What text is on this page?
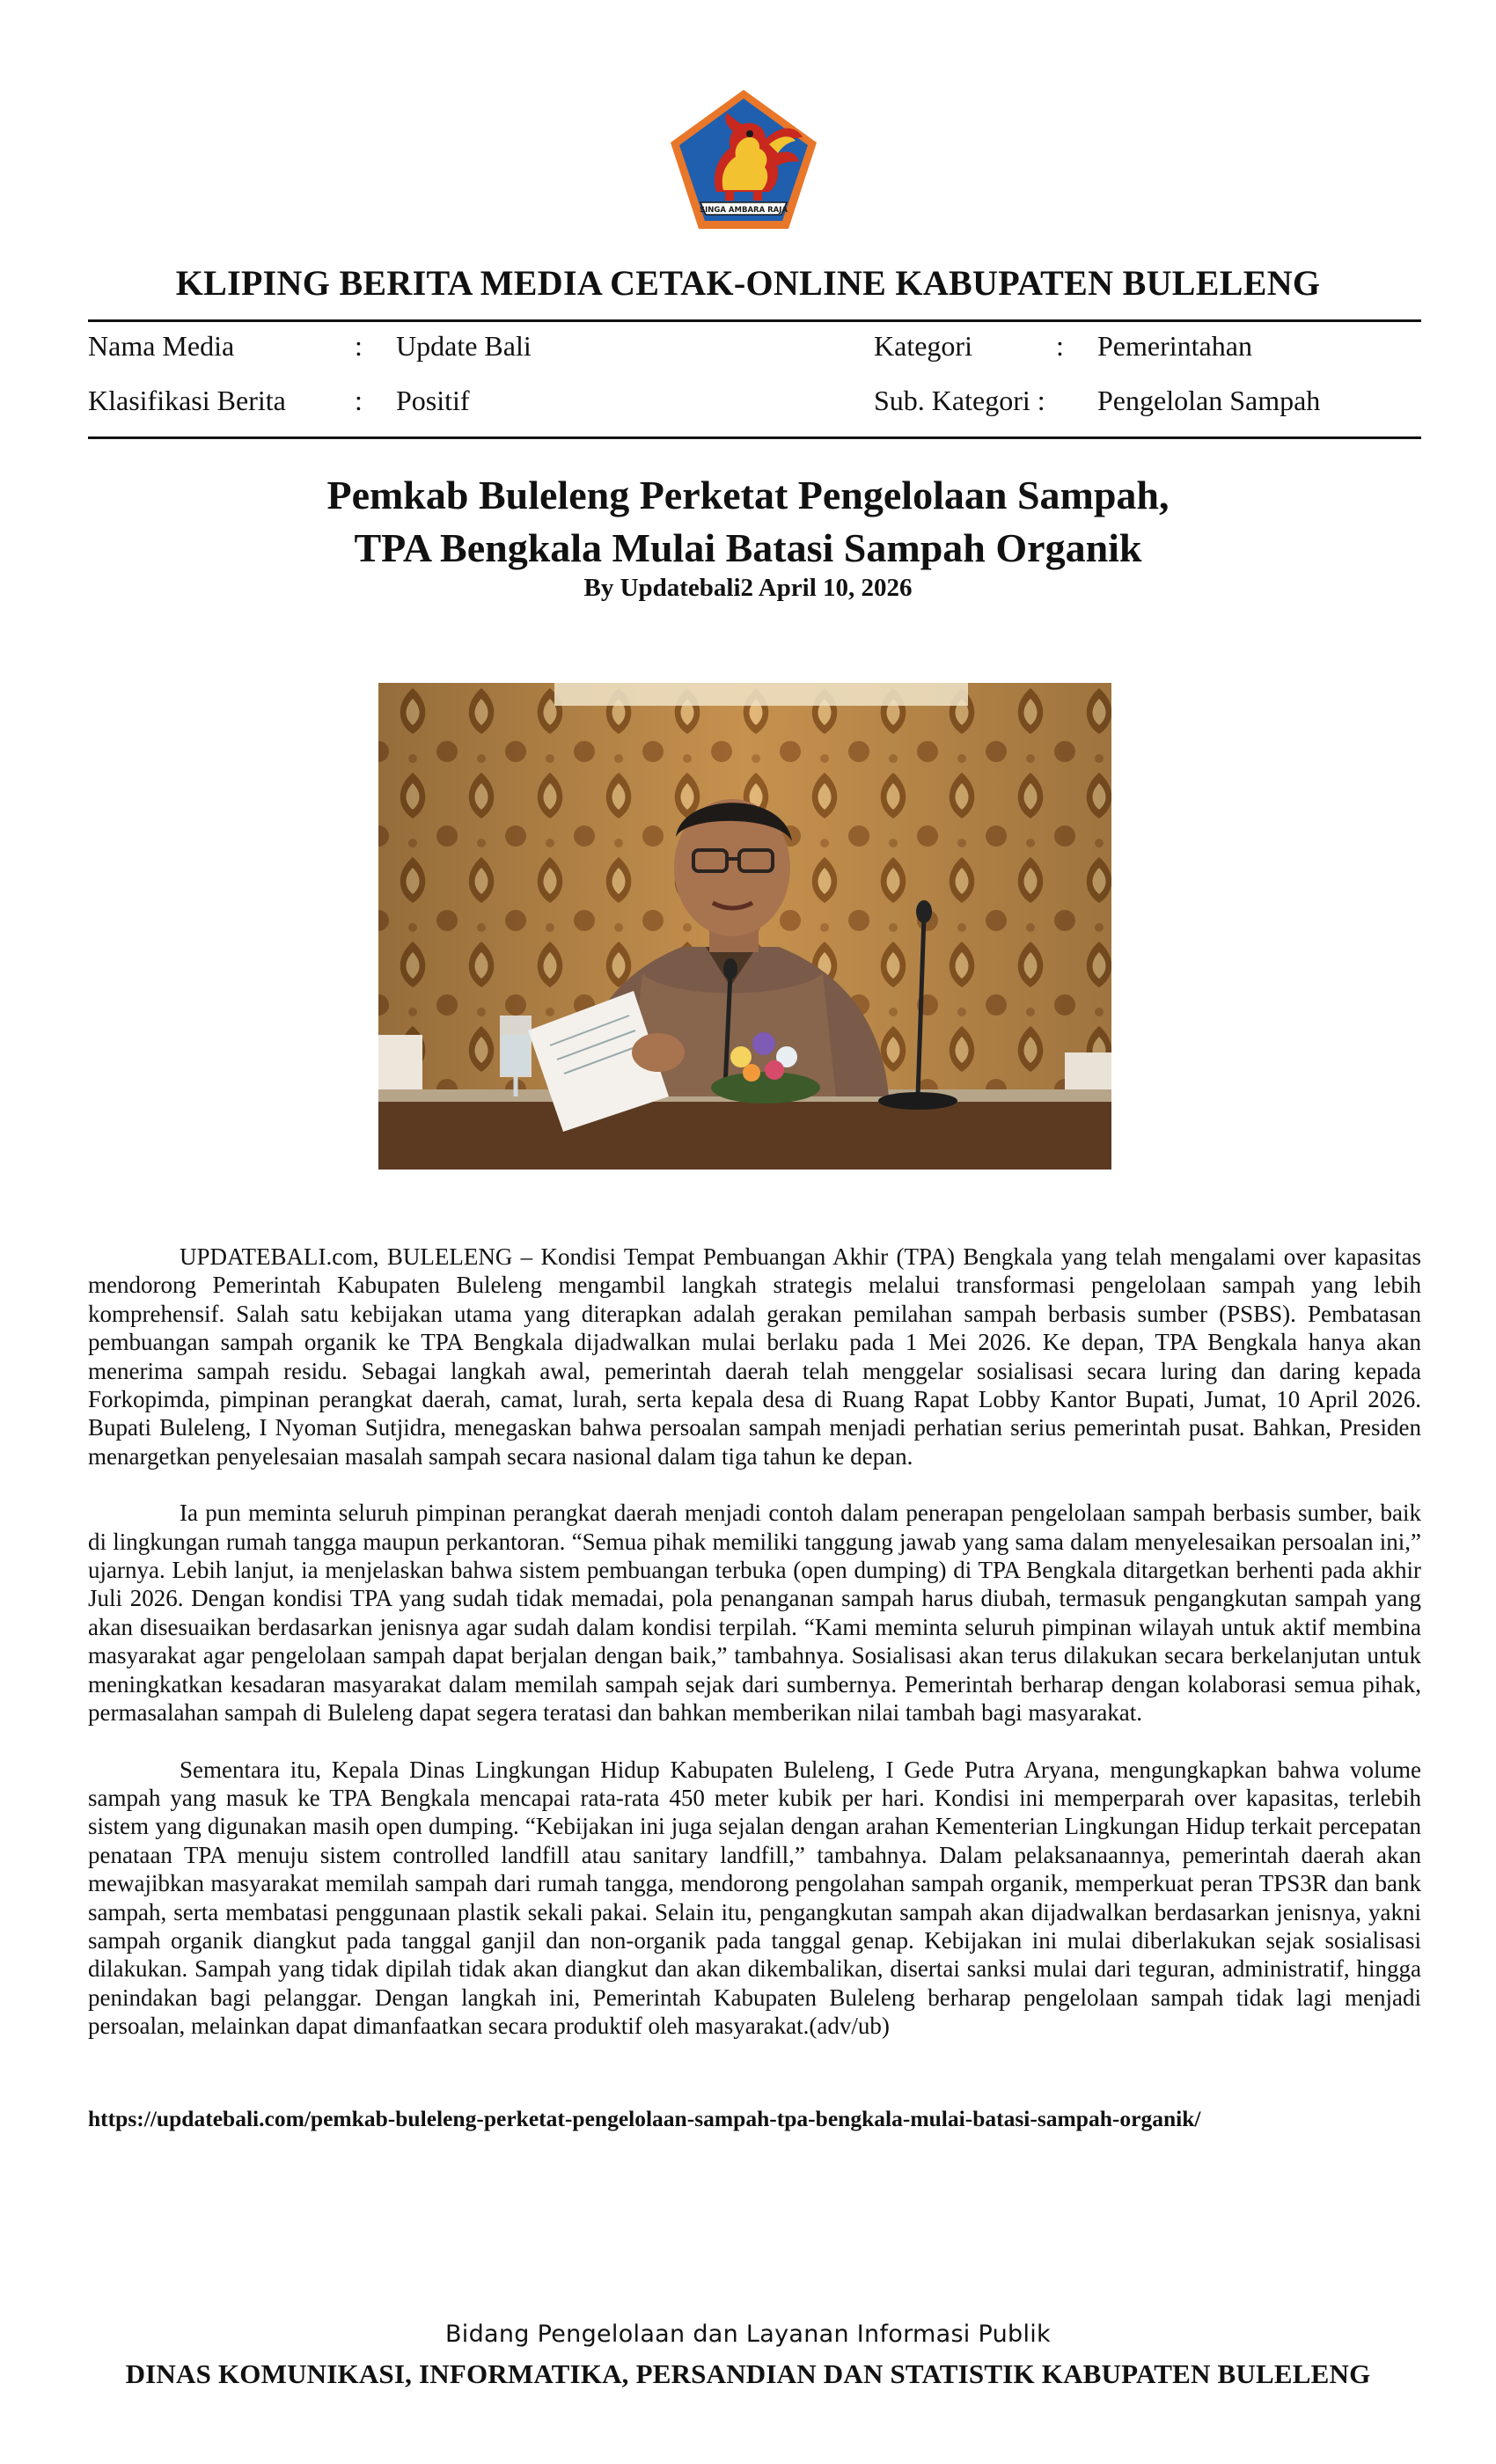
SINGA AMBARA RAJA
KLIPING BERITA MEDIA CETAK-ONLINE KABUPATEN BULELENG
Nama Media	: Update Bali	Kategori	: Pemerintahan
Klasifikasi Berita : Positif	Sub. Kategori : Pengelolan Sampah
Pemkab Buleleng Perketat Pengelolaan Sampah,
TPA Bengkala Mulai Batasi Sampah Organik
By Updatebali2 April 10, 2026

UPDATEBALI.com, BULELENG – Kondisi Tempat Pembuangan Akhir (TPA) Bengkala yang telah mengalami over kapasitas mendorong Pemerintah Kabupaten Buleleng mengambil langkah strategis melalui transformasi pengelolaan sampah yang lebih komprehensif. Salah satu kebijakan utama yang diterapkan adalah gerakan pemilahan sampah berbasis sumber (PSBS). Pembatasan pembuangan sampah organik ke TPA Bengkala dijadwalkan mulai berlaku pada 1 Mei 2026. Ke depan, TPA Bengkala hanya akan menerima sampah residu. Sebagai langkah awal, pemerintah daerah telah menggelar sosialisasi secara luring dan daring kepada Forkopimda, pimpinan perangkat daerah, camat, lurah, serta kepala desa di Ruang Rapat Lobby Kantor Bupati, Jumat, 10 April 2026. Bupati Buleleng, I Nyoman Sutjidra, menegaskan bahwa persoalan sampah menjadi perhatian serius pemerintah pusat. Bahkan, Presiden menargetkan penyelesaian masalah sampah secara nasional dalam tiga tahun ke depan.

Ia pun meminta seluruh pimpinan perangkat daerah menjadi contoh dalam penerapan pengelolaan sampah berbasis sumber, baik di lingkungan rumah tangga maupun perkantoran. “Semua pihak memiliki tanggung jawab yang sama dalam menyelesaikan persoalan ini,” ujarnya. Lebih lanjut, ia menjelaskan bahwa sistem pembuangan terbuka (open dumping) di TPA Bengkala ditargetkan berhenti pada akhir Juli 2026. Dengan kondisi TPA yang sudah tidak memadai, pola penanganan sampah harus diubah, termasuk pengangkutan sampah yang akan disesuaikan berdasarkan jenisnya agar sudah dalam kondisi terpilah. “Kami meminta seluruh pimpinan wilayah untuk aktif membina masyarakat agar pengelolaan sampah dapat berjalan dengan baik,” tambahnya. Sosialisasi akan terus dilakukan secara berkelanjutan untuk meningkatkan kesadaran masyarakat dalam memilah sampah sejak dari sumbernya. Pemerintah berharap dengan kolaborasi semua pihak, permasalahan sampah di Buleleng dapat segera teratasi dan bahkan memberikan nilai tambah bagi masyarakat.

Sementara itu, Kepala Dinas Lingkungan Hidup Kabupaten Buleleng, I Gede Putra Aryana, mengungkapkan bahwa volume sampah yang masuk ke TPA Bengkala mencapai rata-rata 450 meter kubik per hari. Kondisi ini memperparah over kapasitas, terlebih sistem yang digunakan masih open dumping. “Kebijakan ini juga sejalan dengan arahan Kementerian Lingkungan Hidup terkait percepatan penataan TPA menuju sistem controlled landfill atau sanitary landfill,” tambahnya. Dalam pelaksanaannya, pemerintah daerah akan mewajibkan masyarakat memilah sampah dari rumah tangga, mendorong pengolahan sampah organik, memperkuat peran TPS3R dan bank sampah, serta membatasi penggunaan plastik sekali pakai. Selain itu, pengangkutan sampah akan dijadwalkan berdasarkan jenisnya, yakni sampah organik diangkut pada tanggal ganjil dan non-organik pada tanggal genap. Kebijakan ini mulai diberlakukan sejak sosialisasi dilakukan. Sampah yang tidak dipilah tidak akan diangkut dan akan dikembalikan, disertai sanksi mulai dari teguran, administratif, hingga penindakan bagi pelanggar. Dengan langkah ini, Pemerintah Kabupaten Buleleng berharap pengelolaan sampah tidak lagi menjadi persoalan, melainkan dapat dimanfaatkan secara produktif oleh masyarakat.(adv/ub)

https://updatebali.com/pemkab-buleleng-perketat-pengelolaan-sampah-tpa-bengkala-mulai-batasi-sampah-organik/
Bidang Pengelolaan dan Layanan Informasi Publik
DINAS KOMUNIKASI, INFORMATIKA, PERSANDIAN DAN STATISTIK KABUPATEN BULELENG
